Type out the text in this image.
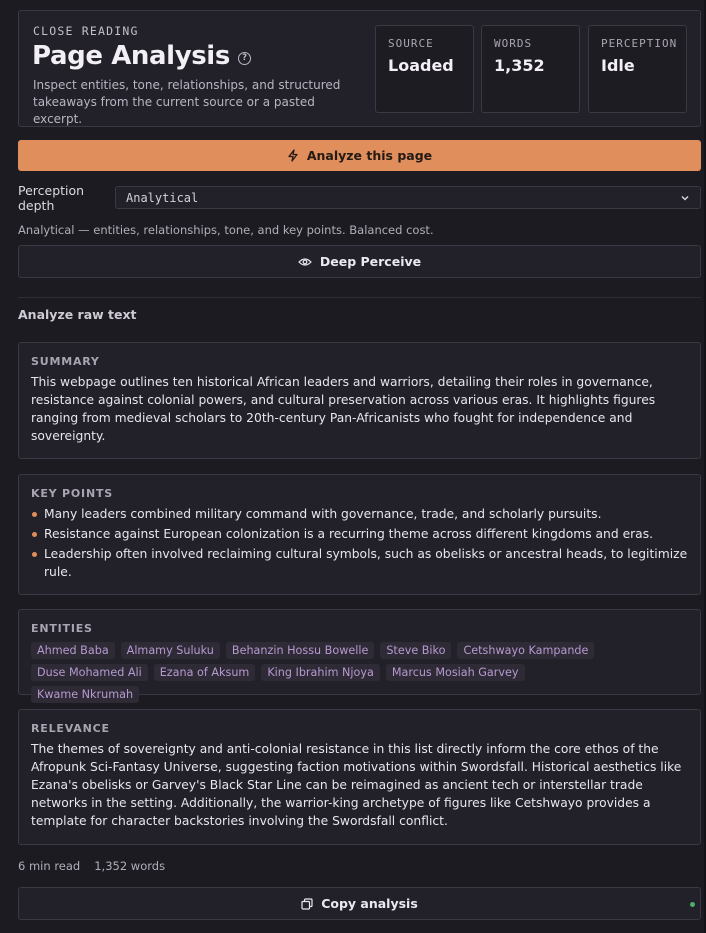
CLOSE READING
Page Analysis	?
Inspect entities, tone, relationships, and structured takeaways from the current source or a pasted excerpt.
SOURCE
Loaded
WORDS
1,352
PERCEPTION
Idle
Analyze this page
Perception depth
Analytical
Analytical — entities, relationships, tone, and key points. Balanced cost.
Deep Perceive
Analyze raw text
SUMMARY
This webpage outlines ten historical African leaders and warriors, detailing their roles in governance, resistance against colonial powers, and cultural preservation across various eras. It highlights figures ranging from medieval scholars to 20th-century Pan-Africanists who fought for independence and sovereignty.
KEY POINTS
Many leaders combined military command with governance, trade, and scholarly pursuits.
Resistance against European colonization is a recurring theme across different kingdoms and eras.
Leadership often involved reclaiming cultural symbols, such as obelisks or ancestral heads, to legitimize rule.
ENTITIES
Ahmed Baba	Almamy Suluku	Behanzin Hossu Bowelle	Steve Biko	Cetshwayo Kampande
Duse Mohamed Ali	Ezana of Aksum	King Ibrahim Njoya	Marcus Mosiah Garvey
Kwame Nkrumah
RELEVANCE
The themes of sovereignty and anti-colonial resistance in this list directly inform the core ethos of the Afropunk Sci-Fantasy Universe, suggesting faction motivations within Swordsfall. Historical aesthetics like Ezana's obelisks or Garvey's Black Star Line can be reimagined as ancient tech or interstellar trade networks in the setting. Additionally, the warrior-king archetype of figures like Cetshwayo provides a template for character backstories involving the Swordsfall conflict.
6 min read 1,352 words
Copy analysis
